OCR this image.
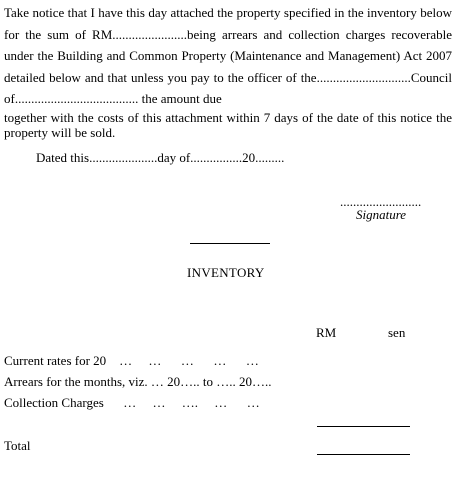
Take notice that I have this day attached the property specified in the inventory below for the sum of RM.......................being arrears and collection charges recoverable under the Building and Common Property (Maintenance and Management) Act 2007 detailed below and that unless you pay to the officer of the.............................Council of...................................... the amount due
together with the costs of this attachment within 7 days of the date of this notice the property will be sold.

Dated this.....................day of................20.........

.........................

Signature

INVENTORY

RM	sen

Current rates for 20    …     …      …      …      …

Arrears for the months, viz. … 20….. to ….. 20…..

Collection Charges      …     …     ….     …      …

Total
